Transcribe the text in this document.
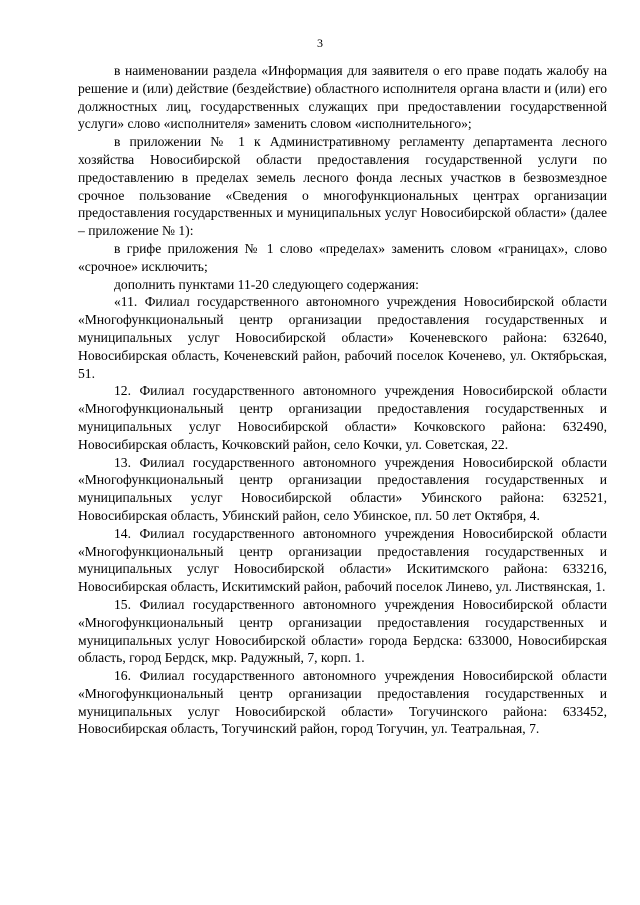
3

в наименовании раздела «Информация для заявителя о его праве подать жалобу на решение и (или) действие (бездействие) областного исполнителя органа власти и (или) его должностных лиц, государственных служащих при предоставлении государственной услуги» слово «исполнителя» заменить словом «исполнительного»;

в приложении № 1 к Административному регламенту департамента лесного хозяйства Новосибирской области предоставления государственной услуги по предоставлению в пределах земель лесного фонда лесных участков в безвозмездное срочное пользование «Сведения о многофункциональных центрах организации предоставления государственных и муниципальных услуг Новосибирской области» (далее – приложение № 1):

в грифе приложения № 1 слово «пределах» заменить словом «границах», слово «срочное» исключить;

дополнить пунктами 11-20 следующего содержания:

«11. Филиал государственного автономного учреждения Новосибирской области «Многофункциональный центр организации предоставления государственных и муниципальных услуг Новосибирской области» Коченевского района: 632640, Новосибирская область, Коченевский район, рабочий поселок Коченево, ул. Октябрьская, 51.

12. Филиал государственного автономного учреждения Новосибирской области «Многофункциональный центр организации предоставления государственных и муниципальных услуг Новосибирской области» Кочковского района: 632490, Новосибирская область, Кочковский район, село Кочки, ул. Советская, 22.

13. Филиал государственного автономного учреждения Новосибирской области «Многофункциональный центр организации предоставления государственных и муниципальных услуг Новосибирской области» Убинского района: 632521, Новосибирская область, Убинский район, село Убинское, пл. 50 лет Октября, 4.

14. Филиал государственного автономного учреждения Новосибирской области «Многофункциональный центр организации предоставления государственных и муниципальных услуг Новосибирской области» Искитимского района: 633216, Новосибирская область, Искитимский район, рабочий поселок Линево, ул. Листвянская, 1.

15. Филиал государственного автономного учреждения Новосибирской области «Многофункциональный центр организации предоставления государственных и муниципальных услуг Новосибирской области» города Бердска: 633000, Новосибирская область, город Бердск, мкр. Радужный, 7, корп. 1.

16. Филиал государственного автономного учреждения Новосибирской области «Многофункциональный центр организации предоставления государственных и муниципальных услуг Новосибирской области» Тогучинского района: 633452, Новосибирская область, Тогучинский район, город Тогучин, ул. Театральная, 7.
